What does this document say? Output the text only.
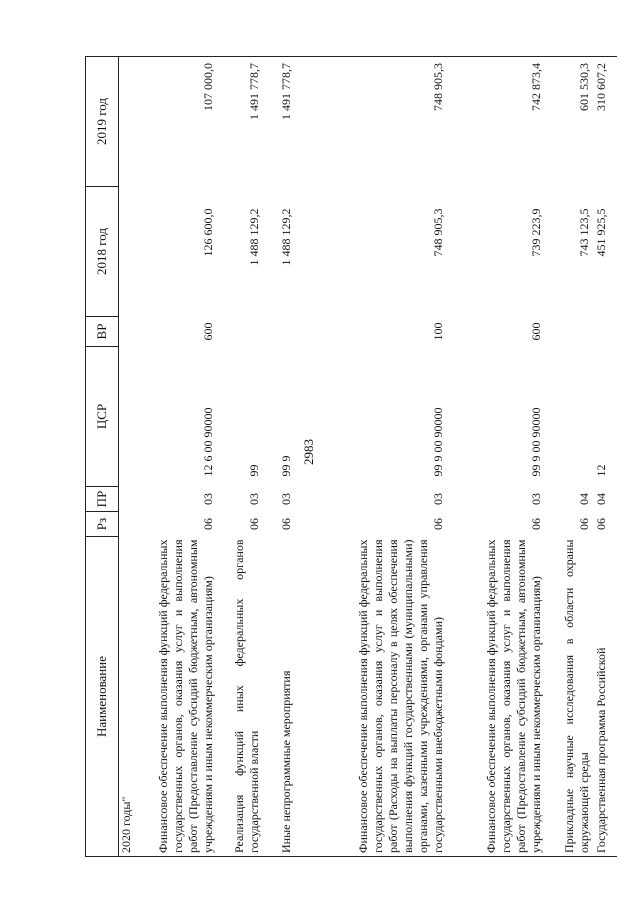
2983
Наименование	Рз	ПР	ЦСР	ВР	2018 год	2019 год
2020 годы"						
Финансовое обеспечение выполнения функций федеральных государственных органов, оказания услуг и выполнения работ (Предоставление субсидий бюджетным, автономным учреждениям и иным некоммерческим организациям)	06	03	12 6 00 90000	600	126 600,0	107 000,0
Реализация функций иных федеральных органов государственной власти	06	03	99		1 488 129,2	1 491 778,7
Иные непрограммные мероприятия	06	03	99 9		1 488 129,2	1 491 778,7
Финансовое обеспечение выполнения функций федеральных государственных органов, оказания услуг и выполнения работ (Расходы на выплаты персоналу в целях обеспечения выполнения функций государственными (муниципальными) органами, казенными учреждениями, органами управления государственными внебюджетными фондами)	06	03	99 9 00 90000	100	748 905,3	748 905,3
Финансовое обеспечение выполнения функций федеральных государственных органов, оказания услуг и выполнения работ (Предоставление субсидий бюджетным, автономным учреждениям и иным некоммерческим организациям)	06	03	99 9 00 90000	600	739 223,9	742 873,4
Прикладные научные исследования в области охраны окружающей среды	06	04			743 123,5	601 530,3
Государственная программа Российской	06	04	12		451 925,5	310 607,2
